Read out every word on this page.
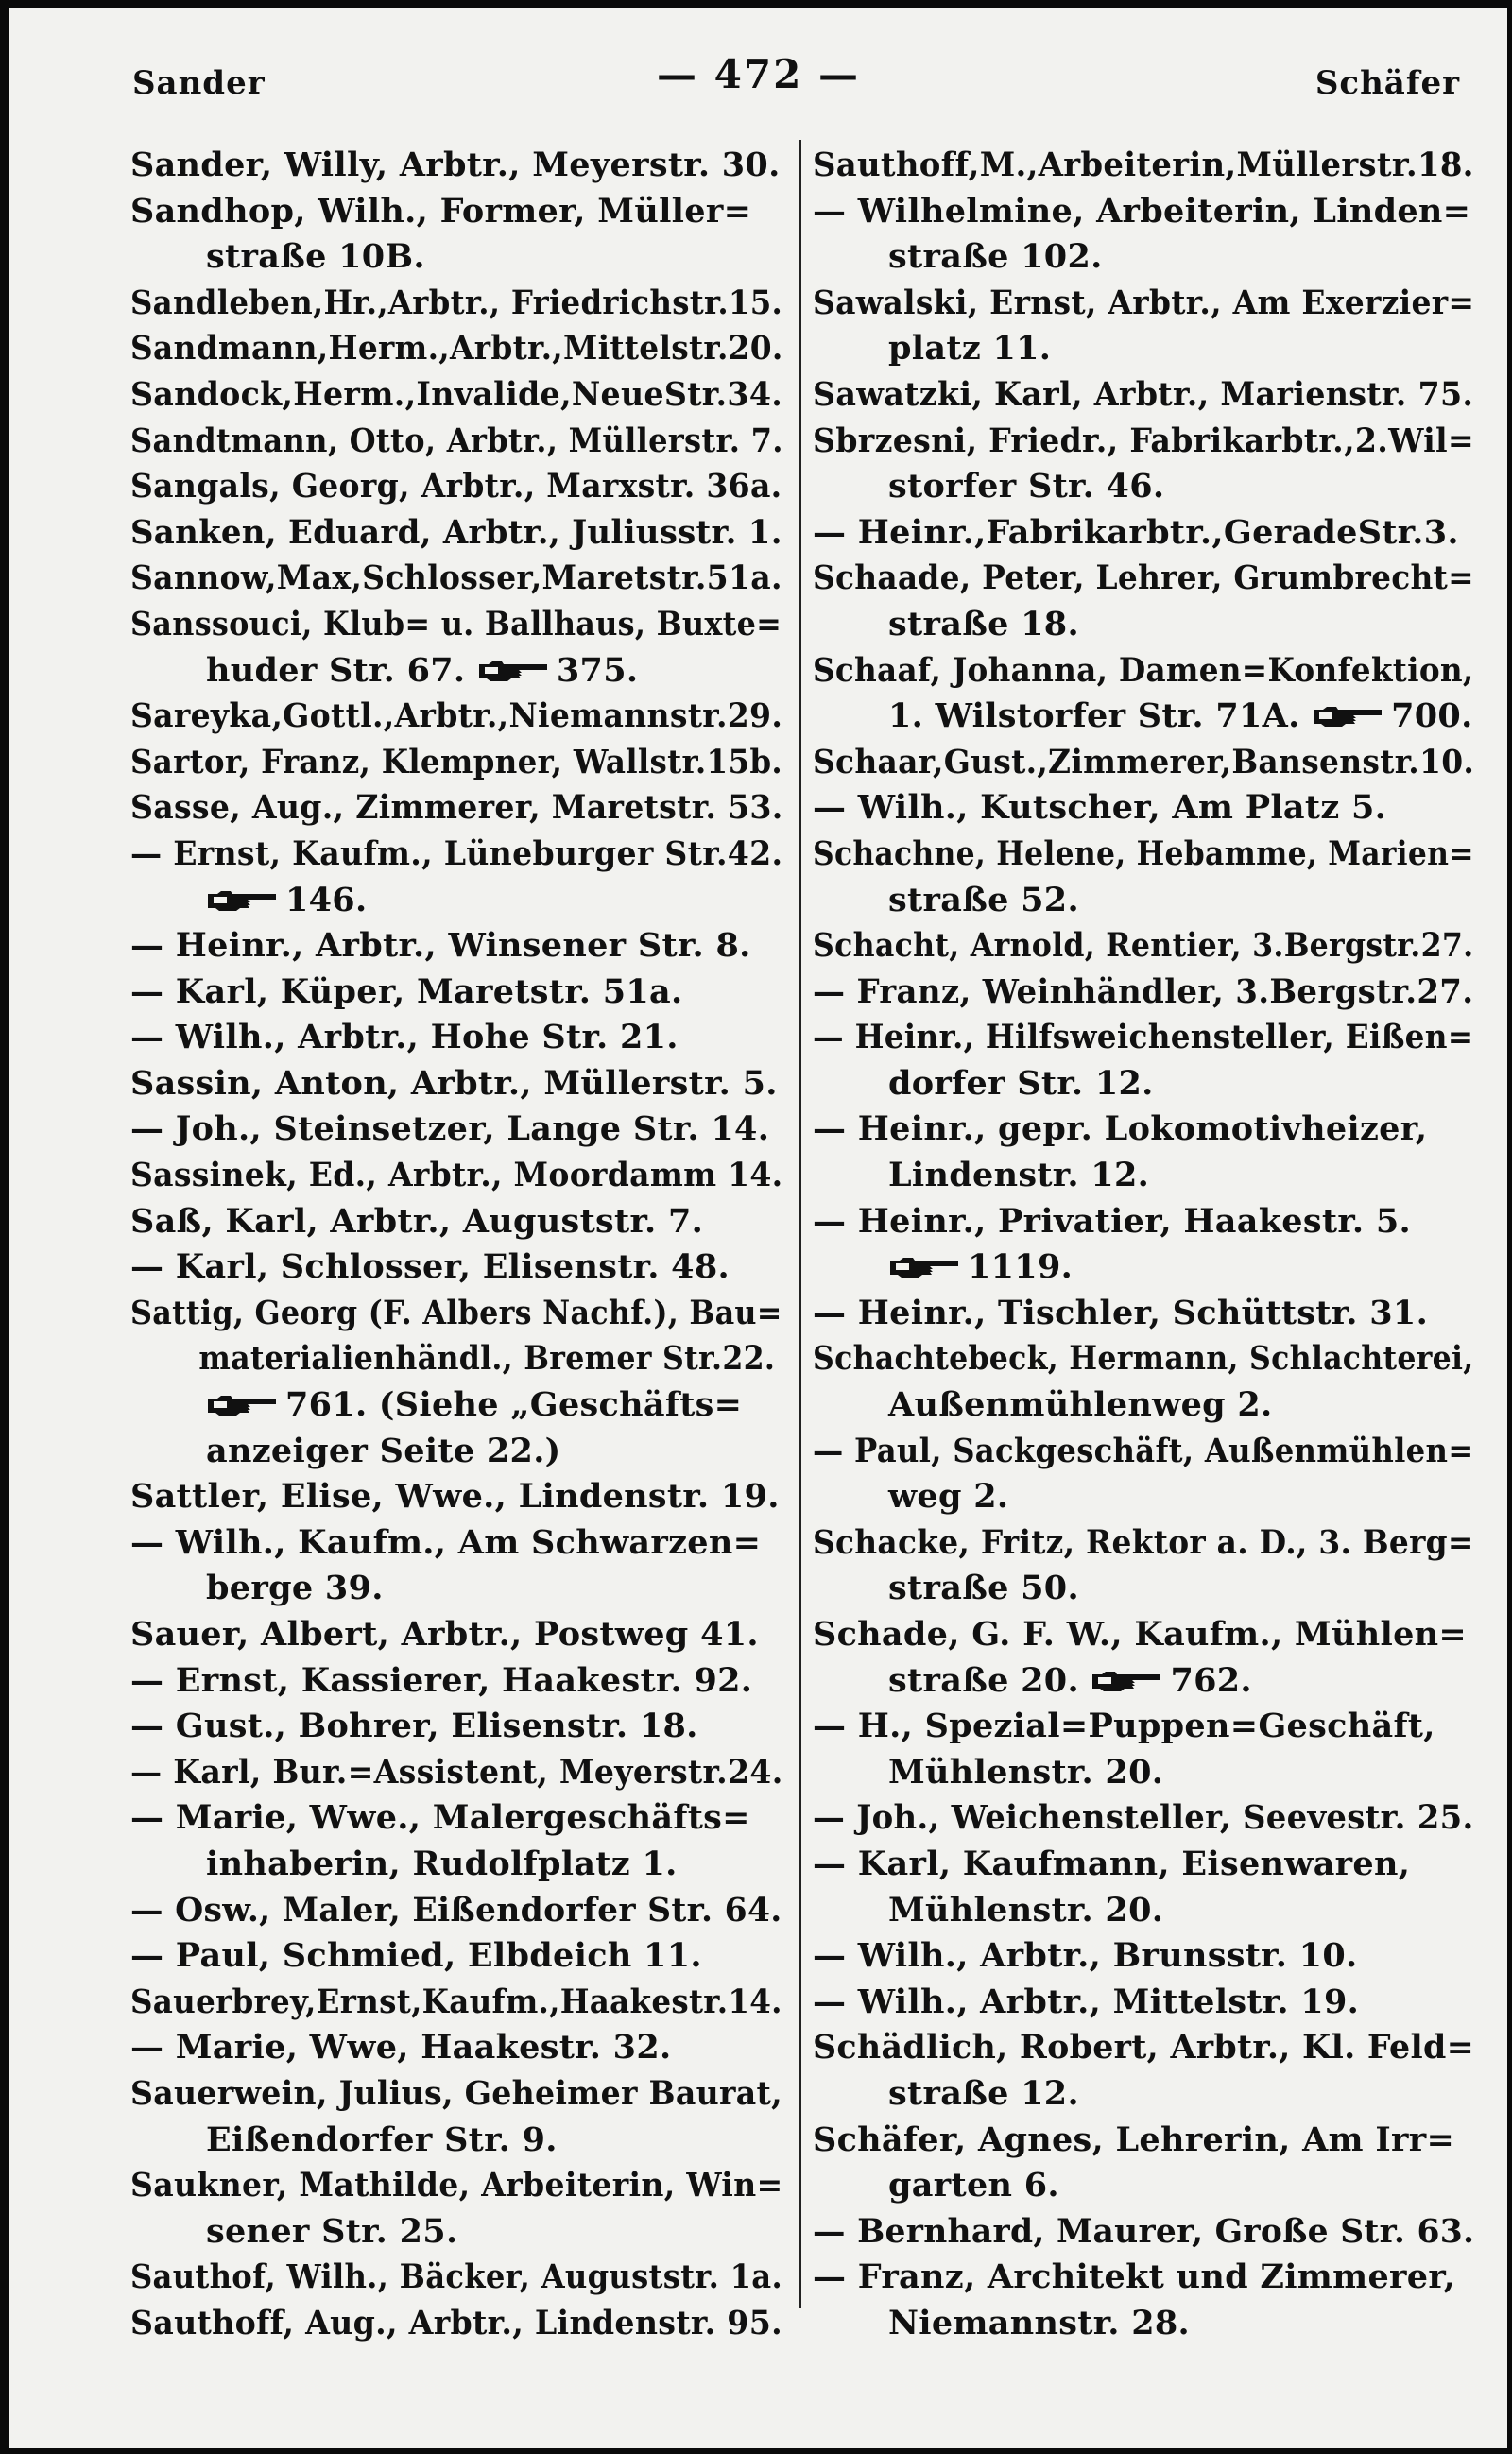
Sander	— 472 —	Schäfer
Sander, Willy, Arbtr., Meyerstr. 30.
Sandhop, Wilh., Former, Müller=
straße 10B.
Sandleben,Hr.,Arbtr., Friedrichstr.15.
Sandmann,Herm.,Arbtr.,Mittelstr.20.
Sandock,Herm.,Invalide,NeueStr.34.
Sandtmann, Otto, Arbtr., Müllerstr. 7.
Sangals, Georg, Arbtr., Marxstr. 36a.
Sanken, Eduard, Arbtr., Juliusstr. 1.
Sannow,Max,Schlosser,Maretstr.51a.
Sanssouci, Klub= u. Ballhaus, Buxte=
huder Str. 67.	375.
Sareyka,Gottl.,Arbtr.,Niemannstr.29.
Sartor, Franz, Klempner, Wallstr.15b.
Sasse, Aug., Zimmerer, Maretstr. 53.
— Ernst, Kaufm., Lüneburger Str.42.
146.
— Heinr., Arbtr., Winsener Str. 8.
— Karl, Küper, Maretstr. 51a.
— Wilh., Arbtr., Hohe Str. 21.
Sassin, Anton, Arbtr., Müllerstr. 5.
— Joh., Steinsetzer, Lange Str. 14.
Sassinek, Ed., Arbtr., Moordamm 14.
Saß, Karl, Arbtr., Auguststr. 7.
— Karl, Schlosser, Elisenstr. 48.
Sattig, Georg (F. Albers Nachf.), Bau=
materialienhändl., Bremer Str.22.
761. (Siehe „Geschäfts=
anzeiger Seite 22.)
Sattler, Elise, Wwe., Lindenstr. 19.
— Wilh., Kaufm., Am Schwarzen=
berge 39.
Sauer, Albert, Arbtr., Postweg 41.
— Ernst, Kassierer, Haakestr. 92.
— Gust., Bohrer, Elisenstr. 18.
— Karl, Bur.=Assistent, Meyerstr.24.
— Marie, Wwe., Malergeschäfts=
inhaberin, Rudolfplatz 1.
— Osw., Maler, Eißendorfer Str. 64.
— Paul, Schmied, Elbdeich 11.
Sauerbrey,Ernst,Kaufm.,Haakestr.14.
— Marie, Wwe, Haakestr. 32.
Sauerwein, Julius, Geheimer Baurat,
Eißendorfer Str. 9.
Saukner, Mathilde, Arbeiterin, Win=
sener Str. 25.
Sauthof, Wilh., Bäcker, Auguststr. 1a.
Sauthoff, Aug., Arbtr., Lindenstr. 95.
Sauthoff,M.,Arbeiterin,Müllerstr.18.
— Wilhelmine, Arbeiterin, Linden=
straße 102.
Sawalski, Ernst, Arbtr., Am Exerzier=
platz 11.
Sawatzki, Karl, Arbtr., Marienstr. 75.
Sbrzesni, Friedr., Fabrikarbtr.,2.Wil=
storfer Str. 46.
— Heinr.,Fabrikarbtr.,GeradeStr.3.
Schaade, Peter, Lehrer, Grumbrecht=
straße 18.
Schaaf, Johanna, Damen=Konfektion,
1. Wilstorfer Str. 71A.	700.
Schaar,Gust.,Zimmerer,Bansenstr.10.
— Wilh., Kutscher, Am Platz 5.
Schachne, Helene, Hebamme, Marien=
straße 52.
Schacht, Arnold, Rentier, 3.Bergstr.27.
— Franz, Weinhändler, 3.Bergstr.27.
— Heinr., Hilfsweichensteller, Eißen=
dorfer Str. 12.
— Heinr., gepr. Lokomotivheizer,
Lindenstr. 12.
— Heinr., Privatier, Haakestr. 5.
1119.
— Heinr., Tischler, Schüttstr. 31.
Schachtebeck, Hermann, Schlachterei,
Außenmühlenweg 2.
— Paul, Sackgeschäft, Außenmühlen=
weg 2.
Schacke, Fritz, Rektor a. D., 3. Berg=
straße 50.
Schade, G. F. W., Kaufm., Mühlen=
straße 20.	762.
— H., Spezial=Puppen=Geschäft,
Mühlenstr. 20.
— Joh., Weichensteller, Seevestr. 25.
— Karl, Kaufmann, Eisenwaren,
Mühlenstr. 20.
— Wilh., Arbtr., Brunsstr. 10.
— Wilh., Arbtr., Mittelstr. 19.
Schädlich, Robert, Arbtr., Kl. Feld=
straße 12.
Schäfer, Agnes, Lehrerin, Am Irr=
garten 6.
— Bernhard, Maurer, Große Str. 63.
— Franz, Architekt und Zimmerer,
Niemannstr. 28.
